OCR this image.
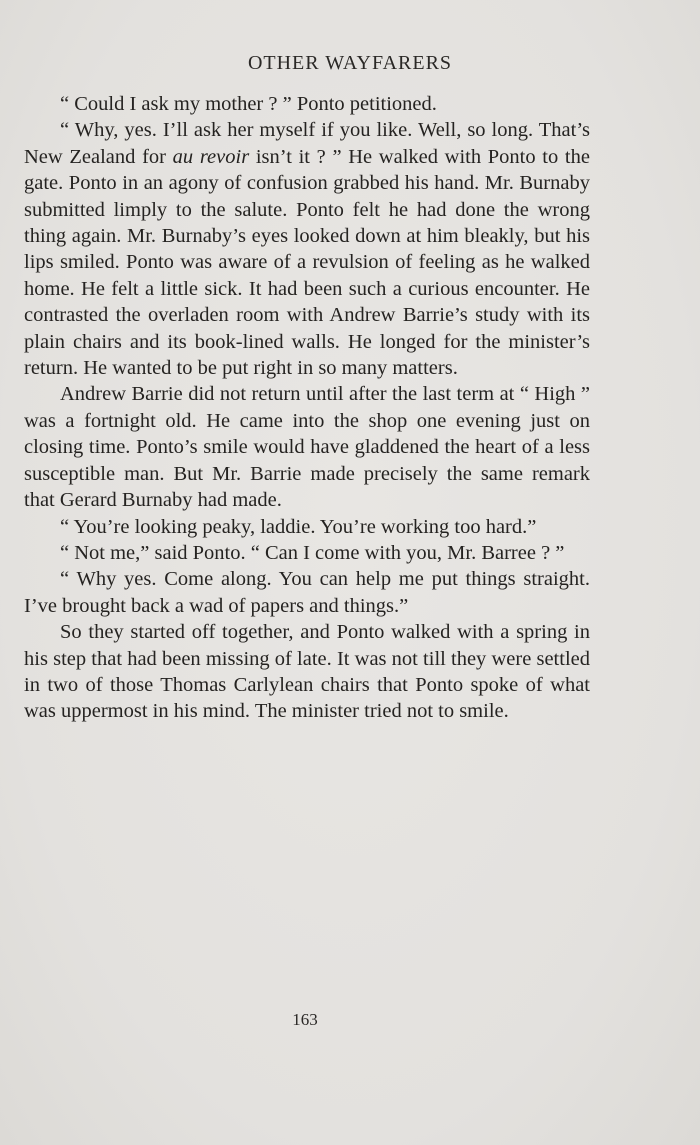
OTHER WAYFARERS

“ Could I ask my mother ? ” Ponto petitioned.

“ Why, yes. I’ll ask her myself if you like. Well, so long. That’s New Zealand for au revoir isn’t it ? ” He walked with Ponto to the gate. Ponto in an agony of confusion grabbed his hand. Mr. Burnaby submitted limply to the salute. Ponto felt he had done the wrong thing again. Mr. Burnaby’s eyes looked down at him bleakly, but his lips smiled. Ponto was aware of a revulsion of feeling as he walked home. He felt a little sick. It had been such a curious encounter. He contrasted the overladen room with Andrew Barrie’s study with its plain chairs and its book-lined walls. He longed for the minister’s return. He wanted to be put right in so many matters.

Andrew Barrie did not return until after the last term at “ High ” was a fortnight old. He came into the shop one evening just on closing time. Ponto’s smile would have gladdened the heart of a less susceptible man. But Mr. Barrie made precisely the same remark that Gerard Burnaby had made.

“ You’re looking peaky, laddie. You’re working too hard.”

“ Not me,” said Ponto. “ Can I come with you, Mr. Barree ? ”

“ Why yes. Come along. You can help me put things straight. I’ve brought back a wad of papers and things.”

So they started off together, and Ponto walked with a spring in his step that had been missing of late. It was not till they were settled in two of those Thomas Carlylean chairs that Ponto spoke of what was uppermost in his mind. The minister tried not to smile.

163
